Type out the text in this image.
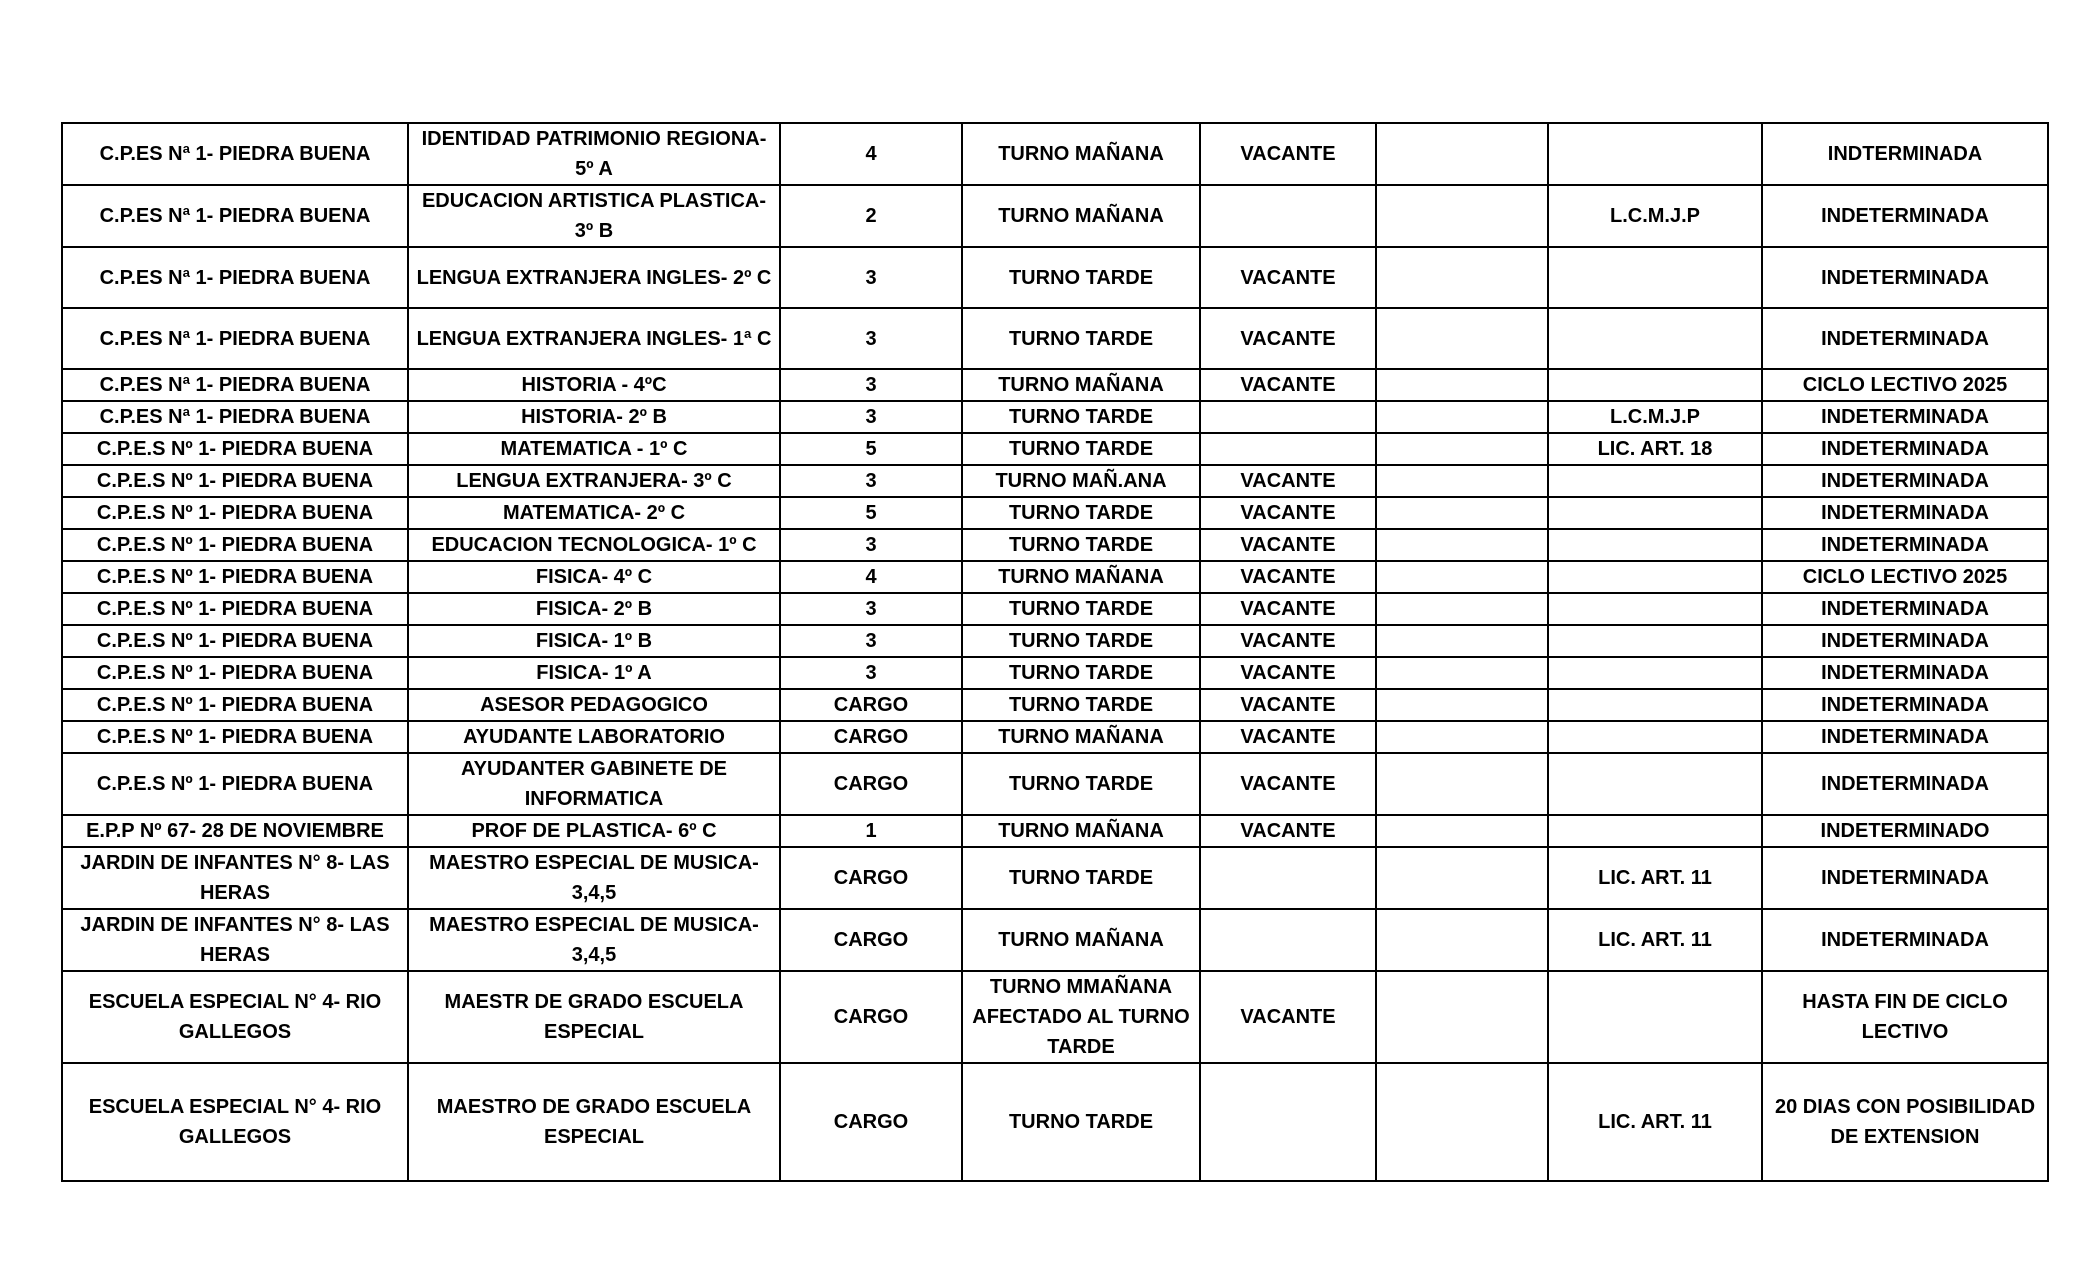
C.P.ES Nª 1- PIEDRA BUENA	IDENTIDAD PATRIMONIO REGIONA- 5º A	4	TURNO MAÑANA	VACANTE			INDTERMINADA
C.P.ES Nª 1- PIEDRA BUENA	EDUCACION ARTISTICA PLASTICA- 3º B	2	TURNO MAÑANA			L.C.M.J.P	INDETERMINADA
C.P.ES Nª 1- PIEDRA BUENA	LENGUA EXTRANJERA INGLES- 2º C	3	TURNO TARDE	VACANTE			INDETERMINADA
C.P.ES Nª 1- PIEDRA BUENA	LENGUA EXTRANJERA INGLES- 1ª C	3	TURNO TARDE	VACANTE			INDETERMINADA
C.P.ES Nª 1- PIEDRA BUENA	HISTORIA - 4ºC	3	TURNO MAÑANA	VACANTE			CICLO LECTIVO 2025
C.P.ES Nª 1- PIEDRA BUENA	HISTORIA- 2º B	3	TURNO TARDE			L.C.M.J.P	INDETERMINADA
C.P.E.S Nº 1- PIEDRA BUENA	MATEMATICA - 1º C	5	TURNO TARDE			LIC. ART. 18	INDETERMINADA
C.P.E.S Nº 1- PIEDRA BUENA	LENGUA EXTRANJERA- 3º C	3	TURNO MAÑ.ANA	VACANTE			INDETERMINADA
C.P.E.S Nº 1- PIEDRA BUENA	MATEMATICA- 2º C	5	TURNO TARDE	VACANTE			INDETERMINADA
C.P.E.S Nº 1- PIEDRA BUENA	EDUCACION TECNOLOGICA- 1º C	3	TURNO TARDE	VACANTE			INDETERMINADA
C.P.E.S Nº 1- PIEDRA BUENA	FISICA- 4º C	4	TURNO MAÑANA	VACANTE			CICLO LECTIVO 2025
C.P.E.S Nº 1- PIEDRA BUENA	FISICA- 2º B	3	TURNO TARDE	VACANTE			INDETERMINADA
C.P.E.S Nº 1- PIEDRA BUENA	FISICA- 1º B	3	TURNO TARDE	VACANTE			INDETERMINADA
C.P.E.S Nº 1- PIEDRA BUENA	FISICA- 1º A	3	TURNO TARDE	VACANTE			INDETERMINADA
C.P.E.S Nº 1- PIEDRA BUENA	ASESOR PEDAGOGICO	CARGO	TURNO TARDE	VACANTE			INDETERMINADA
C.P.E.S Nº 1- PIEDRA BUENA	AYUDANTE LABORATORIO	CARGO	TURNO MAÑANA	VACANTE			INDETERMINADA
C.P.E.S Nº 1- PIEDRA BUENA	AYUDANTER GABINETE DE INFORMATICA	CARGO	TURNO TARDE	VACANTE			INDETERMINADA
E.P.P Nº 67- 28 DE NOVIEMBRE	PROF DE PLASTICA- 6º C	1	TURNO MAÑANA	VACANTE			INDETERMINADO
JARDIN DE INFANTES N° 8- LAS HERAS	MAESTRO ESPECIAL DE MUSICA- 3,4,5	CARGO	TURNO TARDE			LIC. ART. 11	INDETERMINADA
JARDIN DE INFANTES N° 8- LAS HERAS	MAESTRO ESPECIAL DE MUSICA- 3,4,5	CARGO	TURNO MAÑANA			LIC. ART. 11	INDETERMINADA
ESCUELA ESPECIAL N° 4- RIO GALLEGOS	MAESTR DE GRADO ESCUELA ESPECIAL	CARGO	TURNO MMAÑANA AFECTADO AL TURNO TARDE	VACANTE			HASTA FIN DE CICLO LECTIVO
ESCUELA ESPECIAL N° 4- RIO GALLEGOS	MAESTRO DE GRADO ESCUELA ESPECIAL	CARGO	TURNO TARDE			LIC. ART. 11	20 DIAS CON POSIBILIDAD DE EXTENSION
